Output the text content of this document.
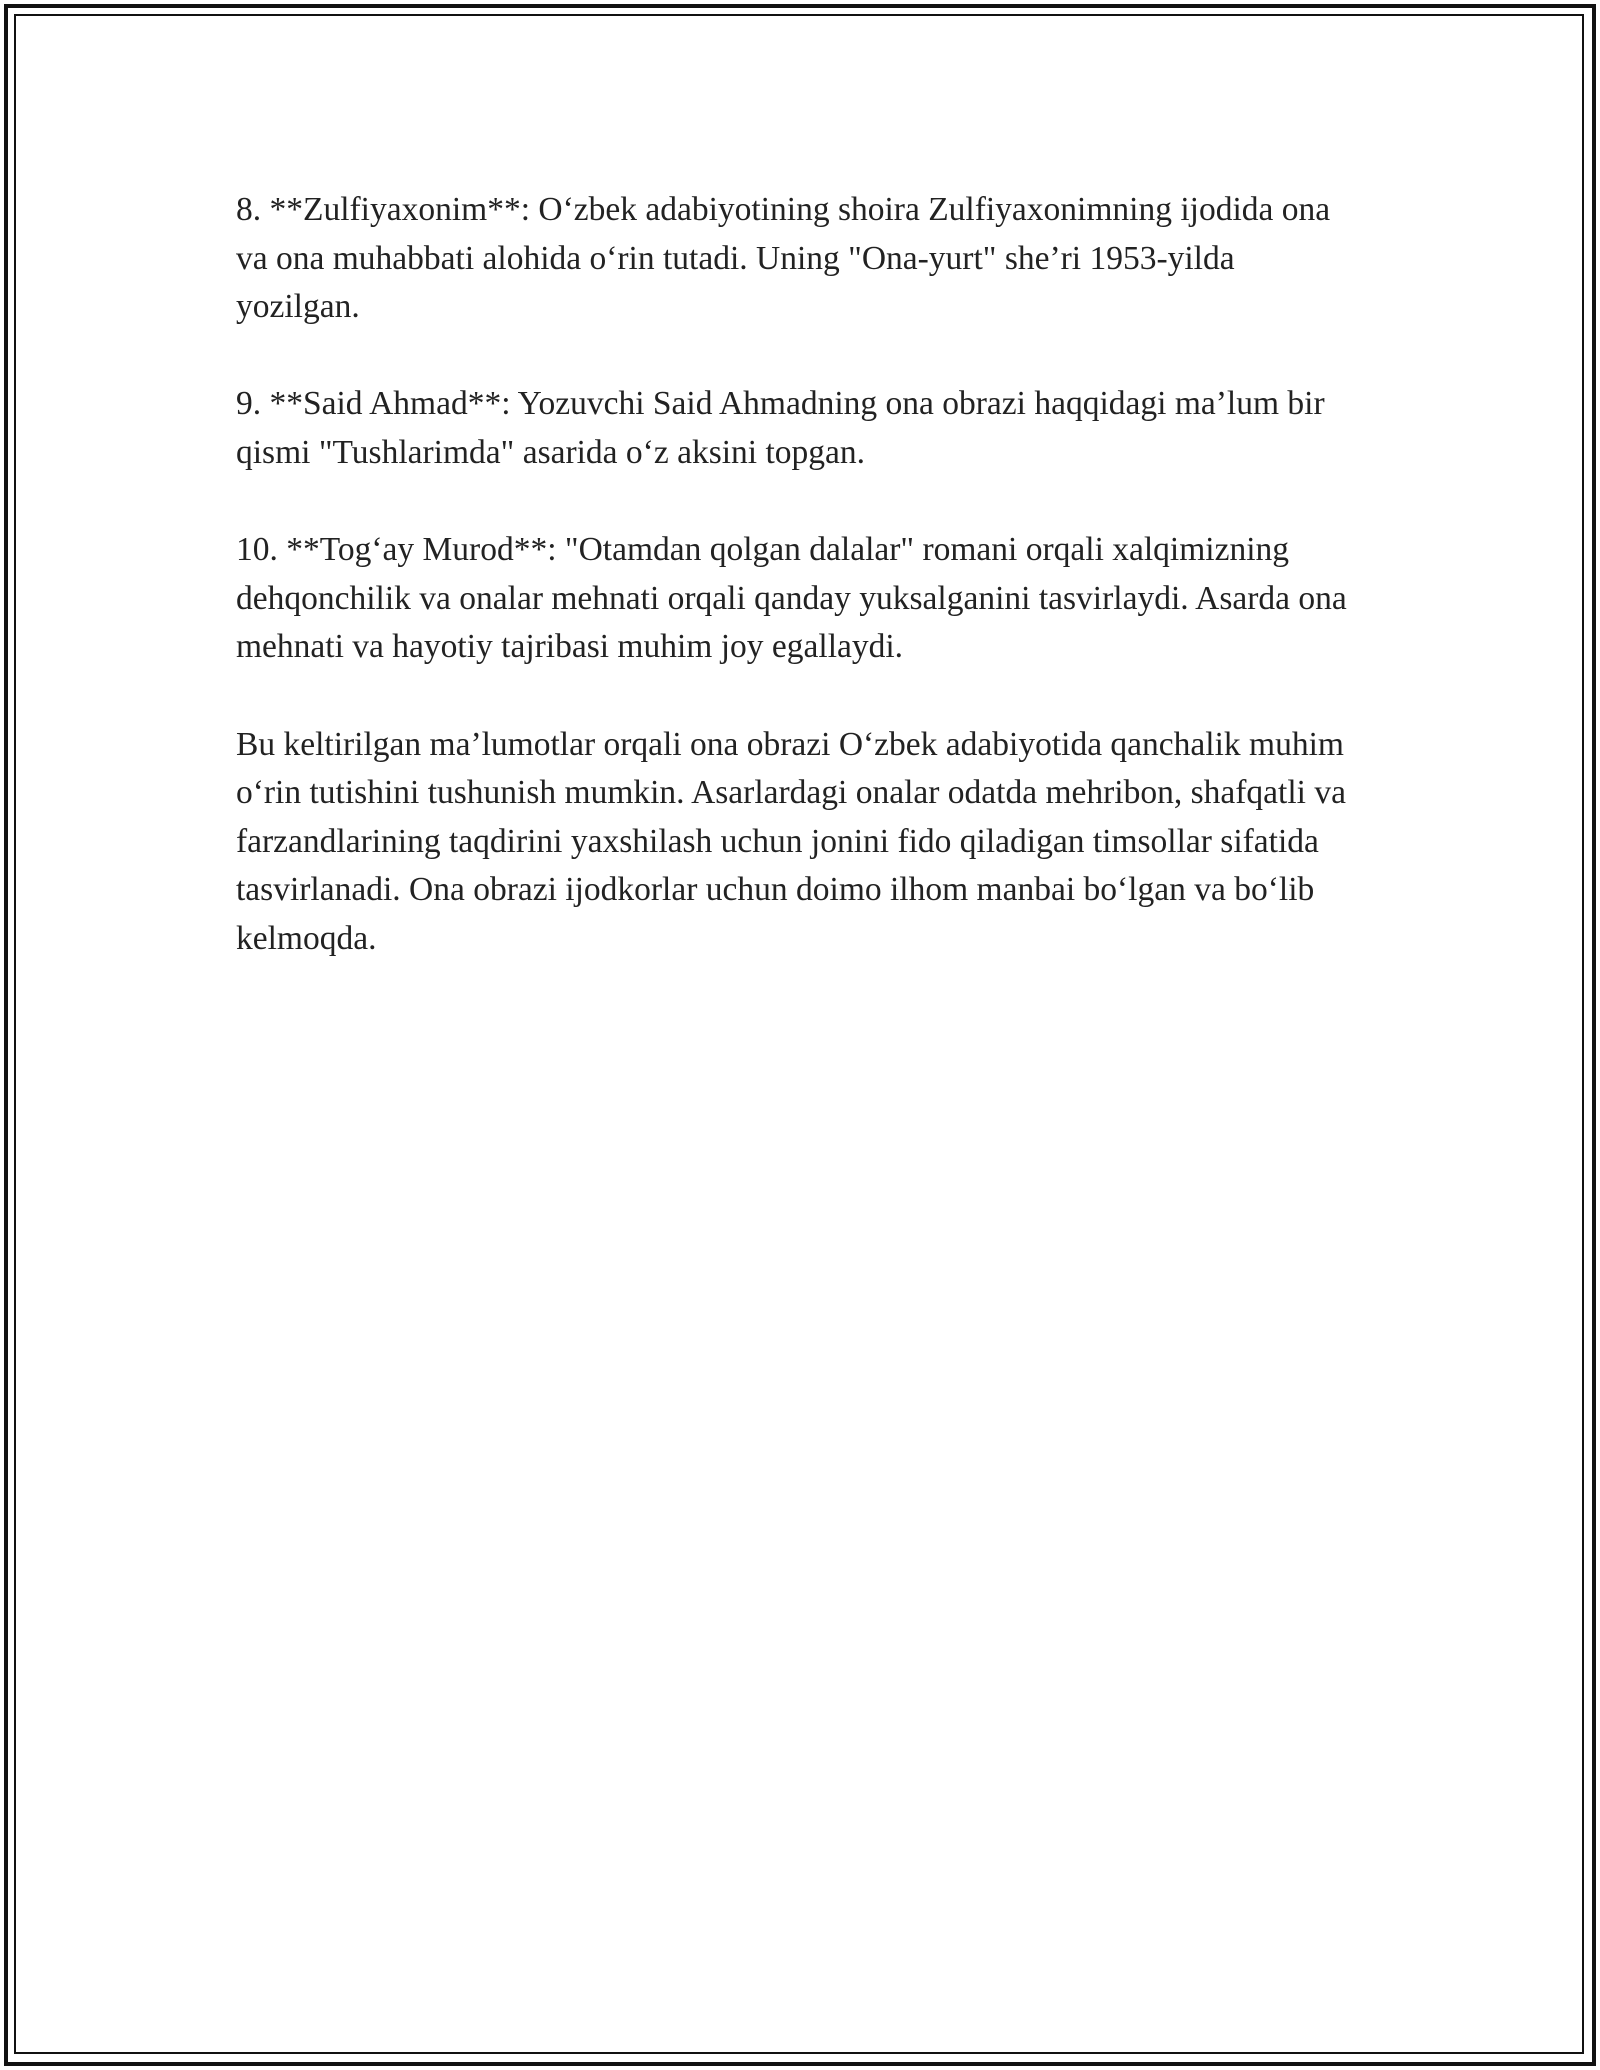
8. **Zulfiyaxonim**: O‘zbek adabiyotining shoira Zulfiyaxonimning ijodida ona va ona muhabbati alohida o‘rin tutadi. Uning "Ona-yurt" she’ri 1953-yilda yozilgan.

9. **Said Ahmad**: Yozuvchi Said Ahmadning ona obrazi haqqidagi ma’lum bir qismi "Tushlarimda" asarida o‘z aksini topgan.

10. **Tog‘ay Murod**: "Otamdan qolgan dalalar" romani orqali xalqimizning dehqonchilik va onalar mehnati orqali qanday yuksalganini tasvirlaydi. Asarda ona mehnati va hayotiy tajribasi muhim joy egallaydi.

Bu keltirilgan ma’lumotlar orqali ona obrazi O‘zbek adabiyotida qanchalik muhim o‘rin tutishini tushunish mumkin. Asarlardagi onalar odatda mehribon, shafqatli va farzandlarining taqdirini yaxshilash uchun jonini fido qiladigan timsollar sifatida tasvirlanadi. Ona obrazi ijodkorlar uchun doimo ilhom manbai bo‘lgan va bo‘lib kelmoqda.
